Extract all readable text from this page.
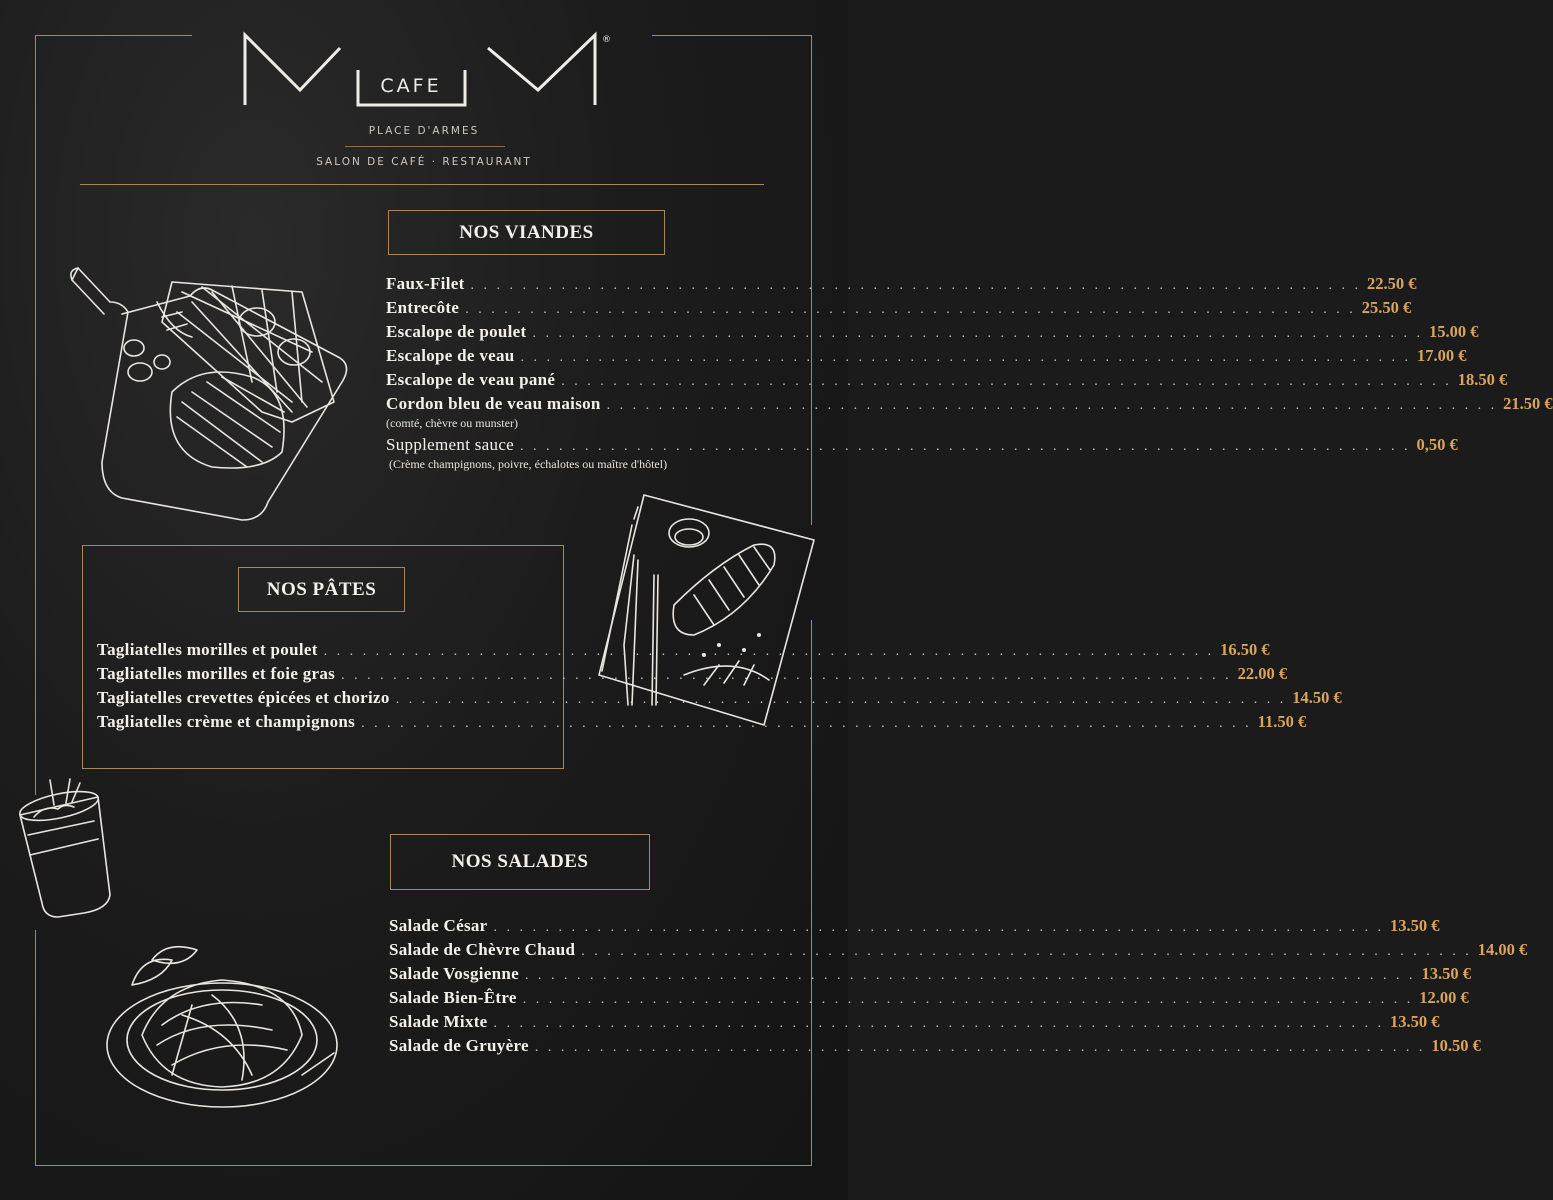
CAFE
®
PLACE D'ARMES
SALON DE CAFÉ · RESTAURANT
NOS VIANDES
Faux-Filet . . .	22.50 €
Entrecôte . . .	25.50 €
Escalope de poulet . . .	15.00 €
Escalope de veau . . .	17.00 €
Escalope de veau pané . . .	18.50 €
Cordon bleu de veau maison . . .	21.50 €
(comté, chèvre ou munster)
Supplement sauce . . .	0,50 €
(Crème champignons, poivre, échalotes ou maître d'hôtel)
NOS PÂTES
Tagliatelles morilles et poulet . . .	16.50 €
Tagliatelles morilles et foie gras . . .	22.00 €
Tagliatelles crevettes épicées et chorizo . . .	14.50 €
Tagliatelles crème et champignons . . .	11.50 €
NOS SALADES
Salade César . . .	13.50 €
Salade de Chèvre Chaud . . .	14.00 €
Salade Vosgienne . . .	13.50 €
Salade Bien-Être . . .	12.00 €
Salade Mixte . . .	13.50 €
Salade de Gruyère . . .	10.50 €
